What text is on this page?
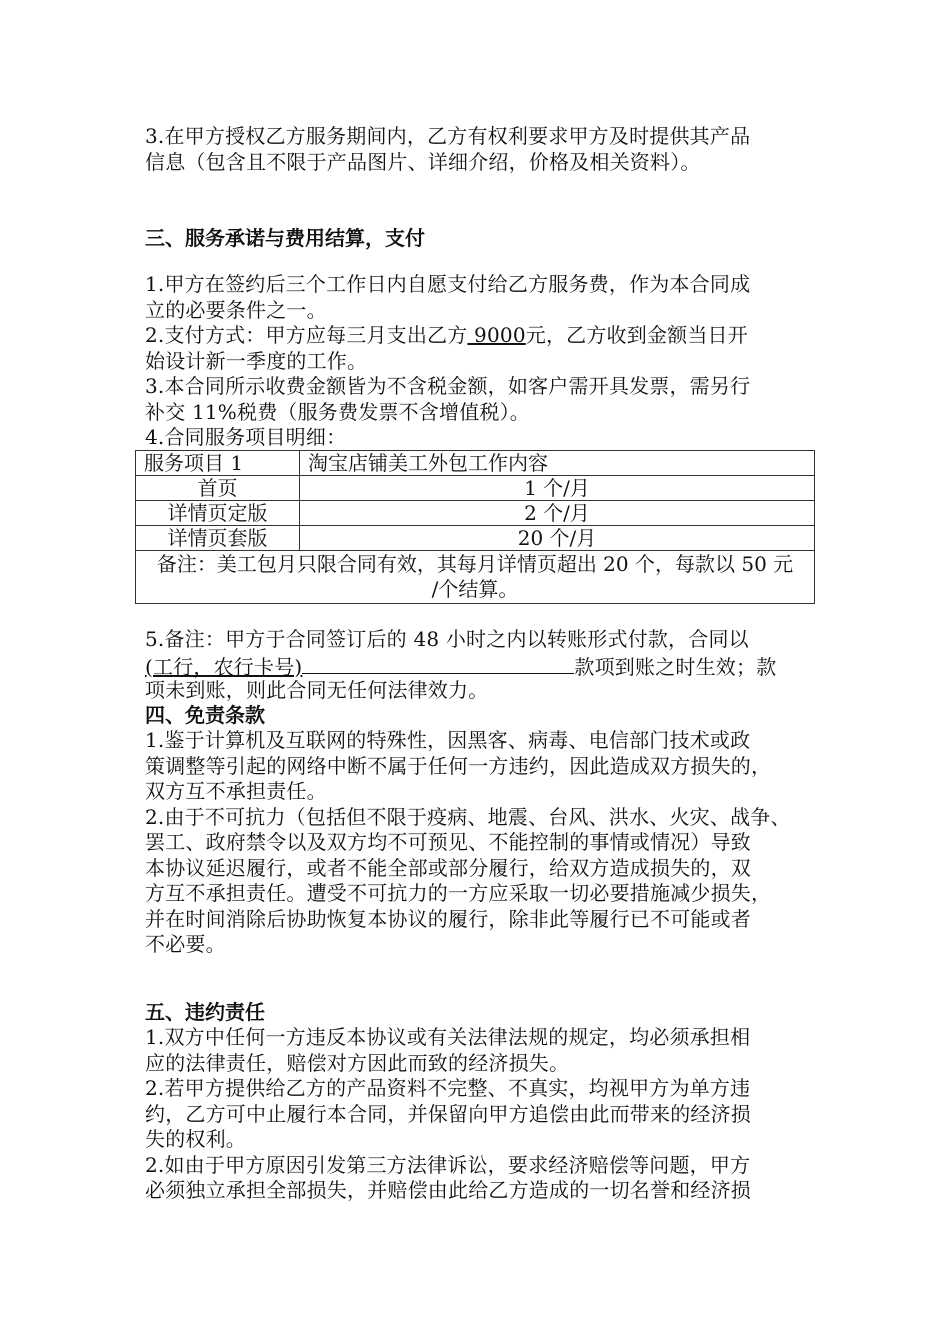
3.在甲方授权乙方服务期间内，乙方有权利要求甲方及时提供其产品
信息（包含且不限于产品图片、详细介绍，价格及相关资料）。
三、服务承诺与费用结算，支付
1.甲方在签约后三个工作日内自愿支付给乙方服务费，作为本合同成
立的必要条件之一。
2.支付方式：甲方应每三月支出乙方 9000元，乙方收到金额当日开
始设计新一季度的工作。
3.本合同所示收费金额皆为不含税金额，如客户需开具发票，需另行
补交 11%税费（服务费发票不含增值税）。
4.合同服务项目明细：
服务项目 1	淘宝店铺美工外包工作内容
首页	1 个/月
详情页定版	2 个/月
详情页套版	20 个/月

备注：美工包月只限合同有效，其每月详情页超出 20 个，每款以 50 元
/个结算。	
5.备注：甲方于合同签订后的 48 小时之内以转账形式付款，合同以
(工行，农行卡号)	款项到账之时生效；款
项未到账，则此合同无任何法律效力。
四、免责条款
1.鉴于计算机及互联网的特殊性，因黑客、病毒、电信部门技术或政
策调整等引起的网络中断不属于任何一方违约，因此造成双方损失的，
双方互不承担责任。
2.由于不可抗力（包括但不限于疫病、地震、台风、洪水、火灾、战争、
罢工、政府禁令以及双方均不可预见、不能控制的事情或情况）导致
本协议延迟履行，或者不能全部或部分履行，给双方造成损失的，双
方互不承担责任。遭受不可抗力的一方应采取一切必要措施减少损失，
并在时间消除后协助恢复本协议的履行，除非此等履行已不可能或者
不必要。
五、违约责任
1.双方中任何一方违反本协议或有关法律法规的规定，均必须承担相
应的法律责任，赔偿对方因此而致的经济损失。
2.若甲方提供给乙方的产品资料不完整、不真实，均视甲方为单方违
约，乙方可中止履行本合同，并保留向甲方追偿由此而带来的经济损
失的权利。
2.如由于甲方原因引发第三方法律诉讼，要求经济赔偿等问题，甲方
必须独立承担全部损失，并赔偿由此给乙方造成的一切名誉和经济损
